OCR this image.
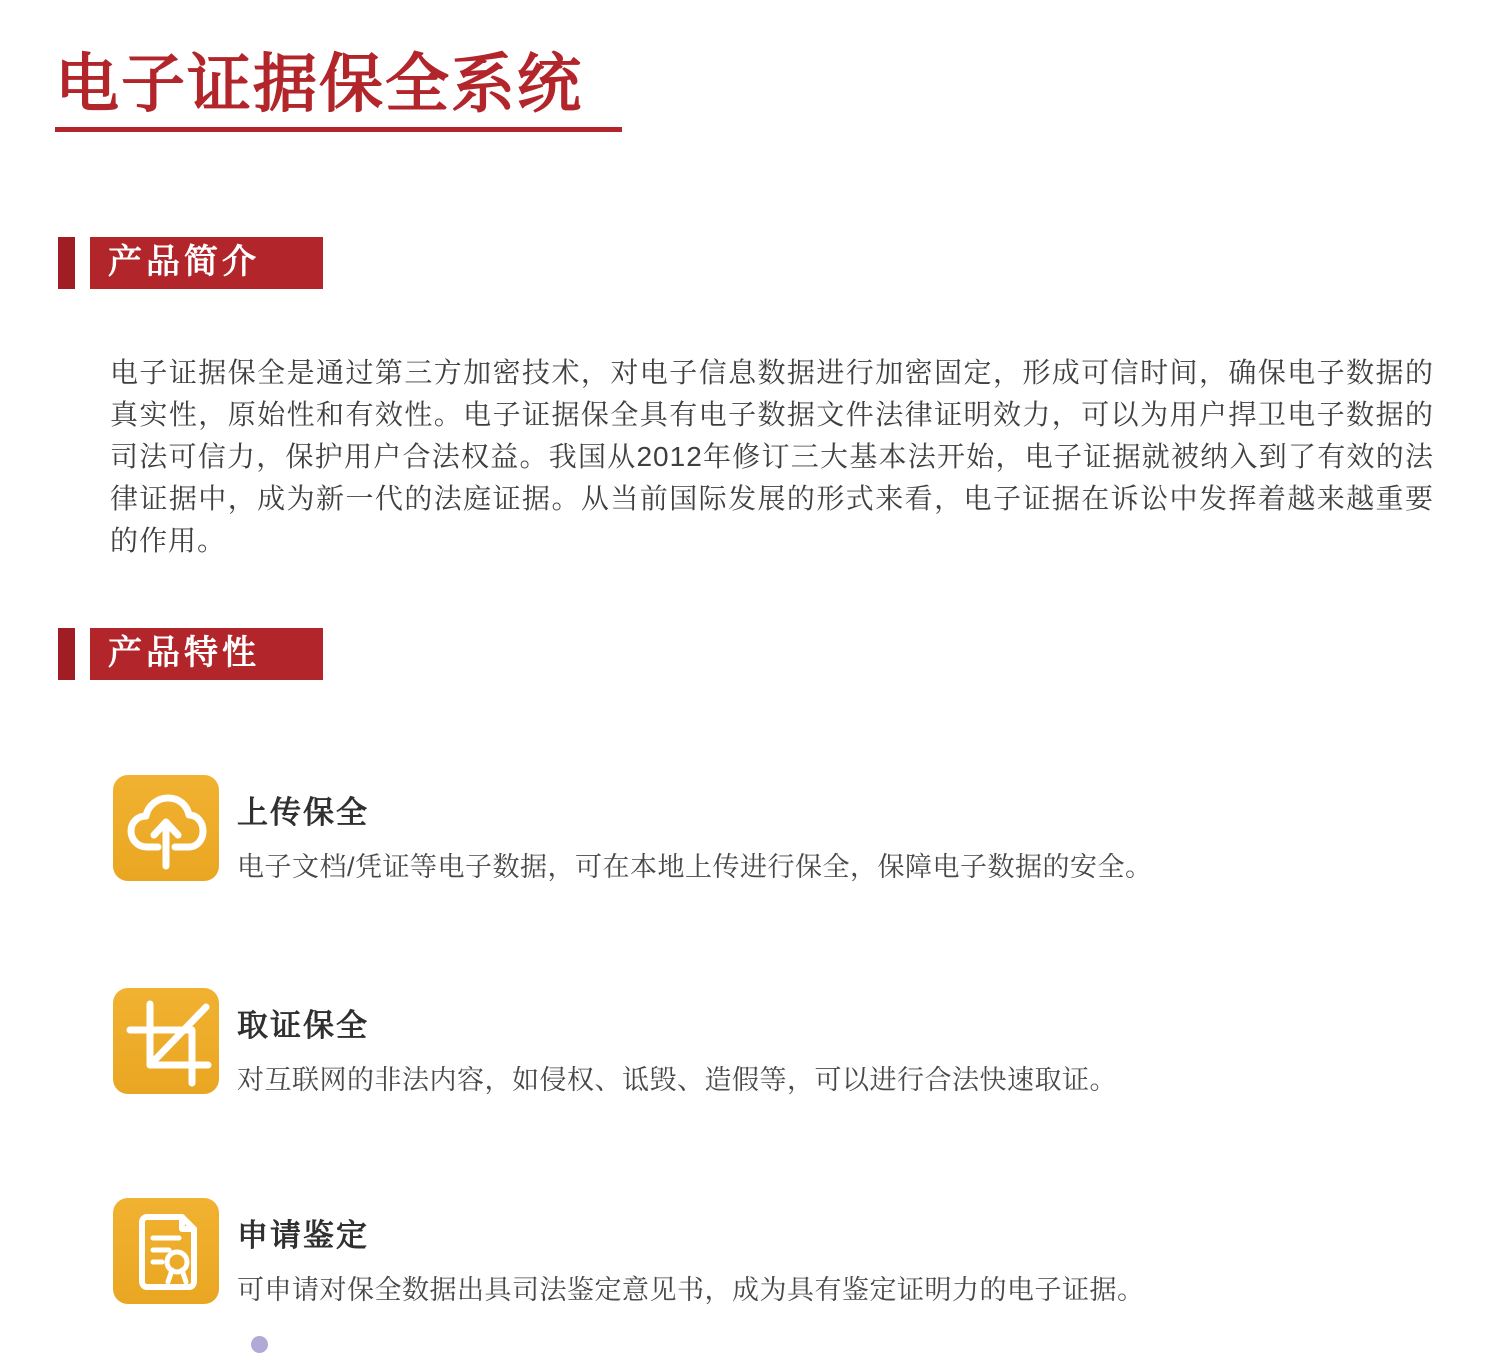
电子证据保全系统
产品简介

电子证据保全是通过第三方加密技术，对电子信息数据进行加密固定，形成可信时间，确保电子数据的真实性，原始性和有效性。电子证据保全具有电子数据文件法律证明效力，可以为用户捍卫电子数据的司法可信力，保护用户合法权益。我国从2012年修订三大基本法开始，电子证据就被纳入到了有效的法律证据中，成为新一代的法庭证据。从当前国际发展的形式来看，电子证据在诉讼中发挥着越来越重要的作用。

产品特性
上传保全
电子文档/凭证等电子数据，可在本地上传进行保全，保障电子数据的安全。
取证保全
对互联网的非法内容，如侵权、诋毁、造假等，可以进行合法快速取证。
申请鉴定
可申请对保全数据出具司法鉴定意见书，成为具有鉴定证明力的电子证据。
